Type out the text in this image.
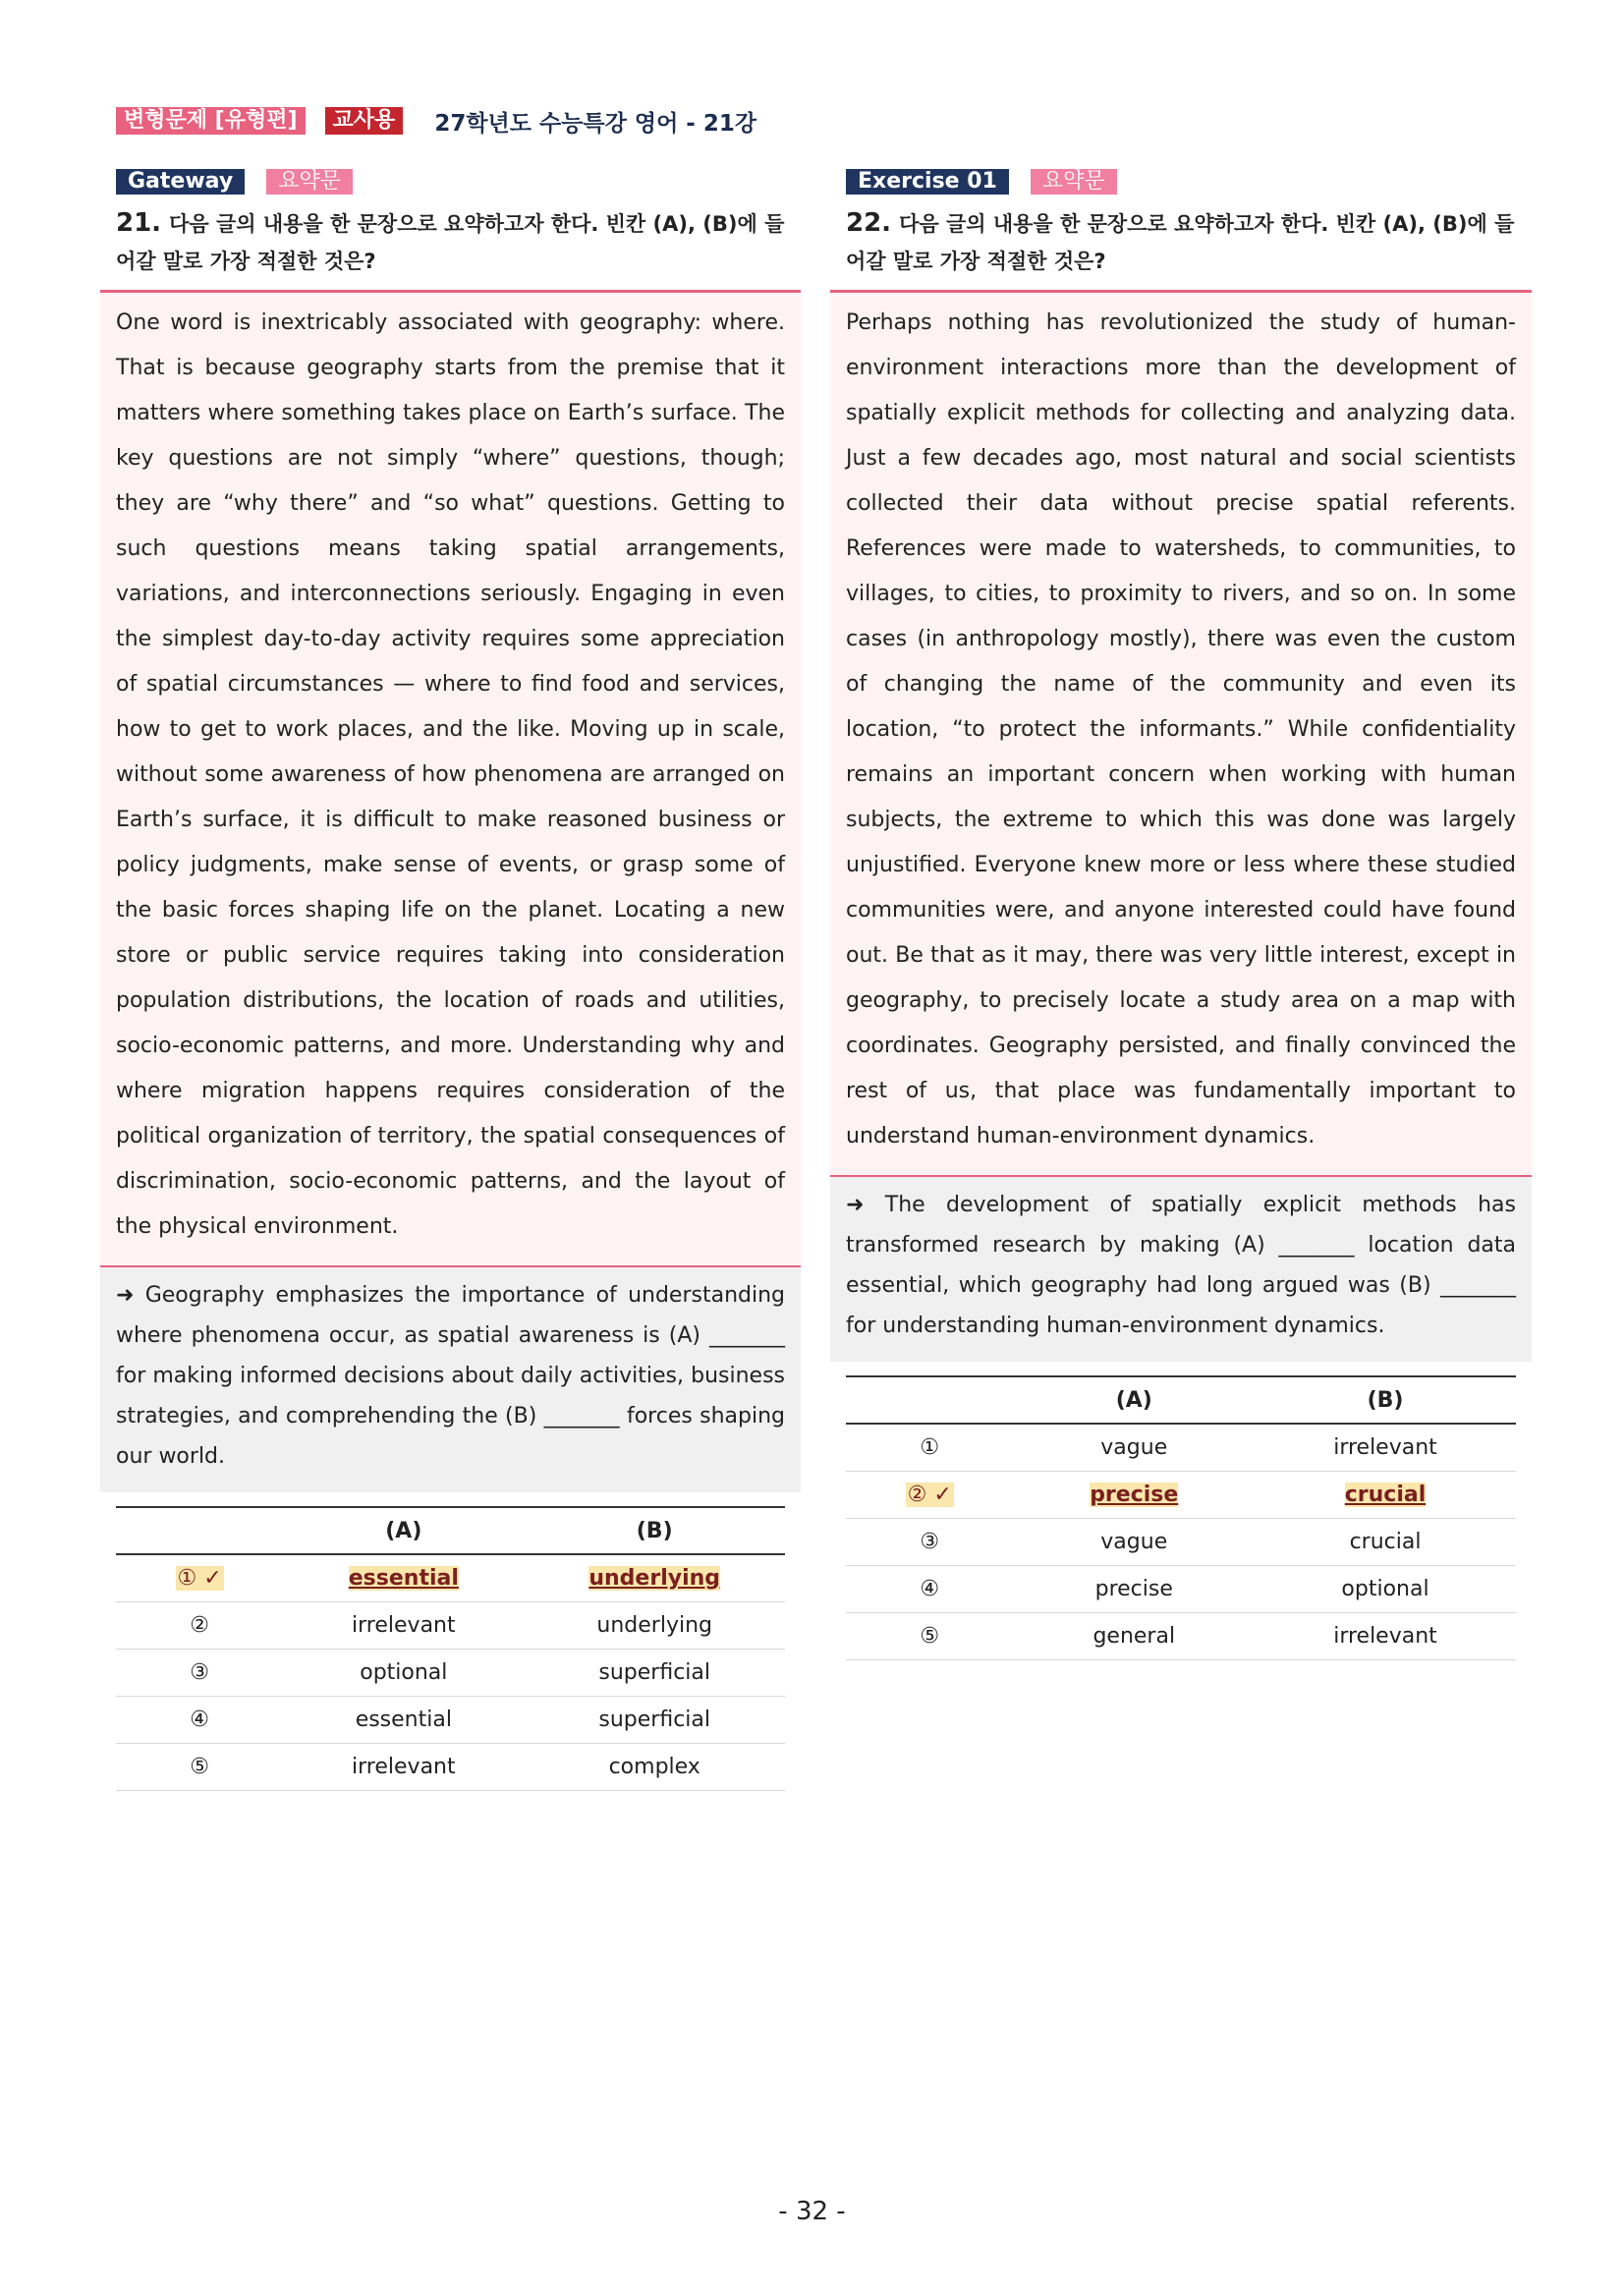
변형문제 [유형편]	교사용	27학년도 수능특강 영어 - 21강
Gateway	요약문
21. 다음 글의 내용을 한 문장으로 요약하고자 한다. 빈칸 (A), (B)에 들어갈 말로 가장 적절한 것은?
One word is inextricably associated with geography: where. That is because geography starts from the premise that it matters where something takes place on Earth’s surface. The key questions are not simply “where” questions, though; they are “why there” and “so what” questions. Getting to such questions means taking spatial arrangements, variations, and interconnections seriously. Engaging in even the simplest day-to-day activity requires some appreciation of spatial circumstances — where to find food and services, how to get to work places, and the like. Moving up in scale, without some awareness of how phenomena are arranged on Earth’s surface, it is difficult to make reasoned business or policy judgments, make sense of events, or grasp some of the basic forces shaping life on the planet. Locating a new store or public service requires taking into consideration population distributions, the location of roads and utilities, socio-economic patterns, and more. Understanding why and where migration happens requires consideration of the political organization of territory, the spatial consequences of discrimination, socio-economic patterns, and the layout of the physical environment.
➜ Geography emphasizes the importance of understanding where phenomena occur, as spatial awareness is (A) _______ for making informed decisions about daily activities, business strategies, and comprehending the (B) _______ forces shaping our world.
	(A)	(B)
① ✓	essential	underlying
②	irrelevant	underlying
③	optional	superficial
④	essential	superficial
⑤	irrelevant	complex
Exercise 01	요약문
22. 다음 글의 내용을 한 문장으로 요약하고자 한다. 빈칸 (A), (B)에 들어갈 말로 가장 적절한 것은?
Perhaps nothing has revolutionized the study of human-environment interactions more than the development of spatially explicit methods for collecting and analyzing data. Just a few decades ago, most natural and social scientists collected their data without precise spatial referents. References were made to watersheds, to communities, to villages, to cities, to proximity to rivers, and so on. In some cases (in anthropology mostly), there was even the custom of changing the name of the community and even its location, “to protect the informants.” While confidentiality remains an important concern when working with human subjects, the extreme to which this was done was largely unjustified. Everyone knew more or less where these studied communities were, and anyone interested could have found out. Be that as it may, there was very little interest, except in geography, to precisely locate a study area on a map with coordinates. Geography persisted, and finally convinced the rest of us, that place was fundamentally important to understand human-environment dynamics.
➜ The development of spatially explicit methods has transformed research by making (A) _______ location data essential, which geography had long argued was (B) _______ for understanding human-environment dynamics.
	(A)	(B)
①	vague	irrelevant
② ✓	precise	crucial
③	vague	crucial
④	precise	optional
⑤	general	irrelevant
- 32 -
